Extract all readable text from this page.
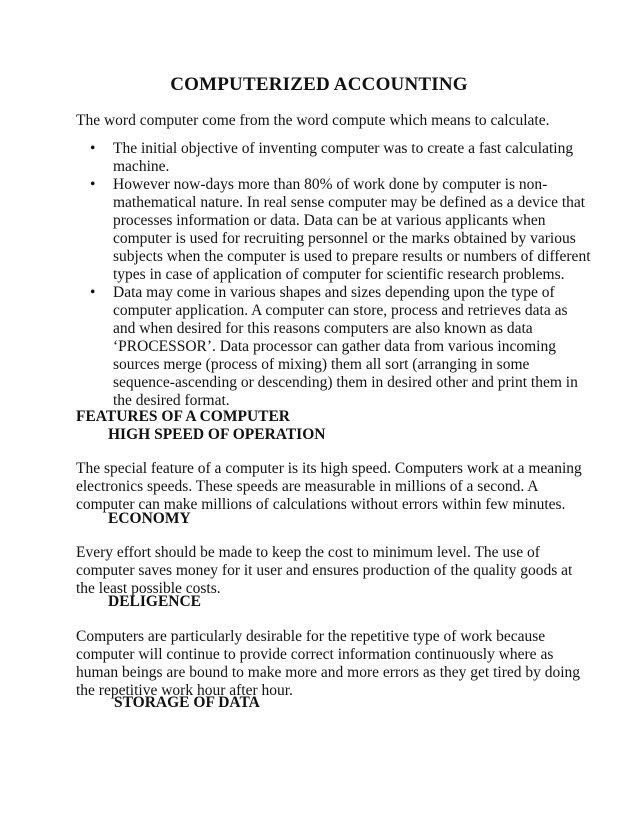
COMPUTERIZED ACCOUNTING
The word computer come from the word compute which means to calculate.
• The initial objective of inventing computer was to create a fast calculating
machine.
• However now-days more than 80% of work done by computer is non-
mathematical nature. In real sense computer may be defined as a device that
processes information or data. Data can be at various applicants when
computer is used for recruiting personnel or the marks obtained by various
subjects when the computer is used to prepare results or numbers of different
types in case of application of computer for scientific research problems.
• Data may come in various shapes and sizes depending upon the type of
computer application. A computer can store, process and retrieves data as
and when desired for this reasons computers are also known as data
‘PROCESSOR’. Data processor can gather data from various incoming
sources merge (process of mixing) them all sort (arranging in some
sequence-ascending or descending) them in desired other and print them in
the desired format.
FEATURES OF A COMPUTER
HIGH SPEED OF OPERATION
The special feature of a computer is its high speed. Computers work at a meaning
electronics speeds. These speeds are measurable in millions of a second. A
computer can make millions of calculations without errors within few minutes.
ECONOMY
Every effort should be made to keep the cost to minimum level. The use of
computer saves money for it user and ensures production of the quality goods at
the least possible costs.
DELIGENCE
Computers are particularly desirable for the repetitive type of work because
computer will continue to provide correct information continuously where as
human beings are bound to make more and more errors as they get tired by doing
the repetitive work hour after hour.
STORAGE OF DATA
